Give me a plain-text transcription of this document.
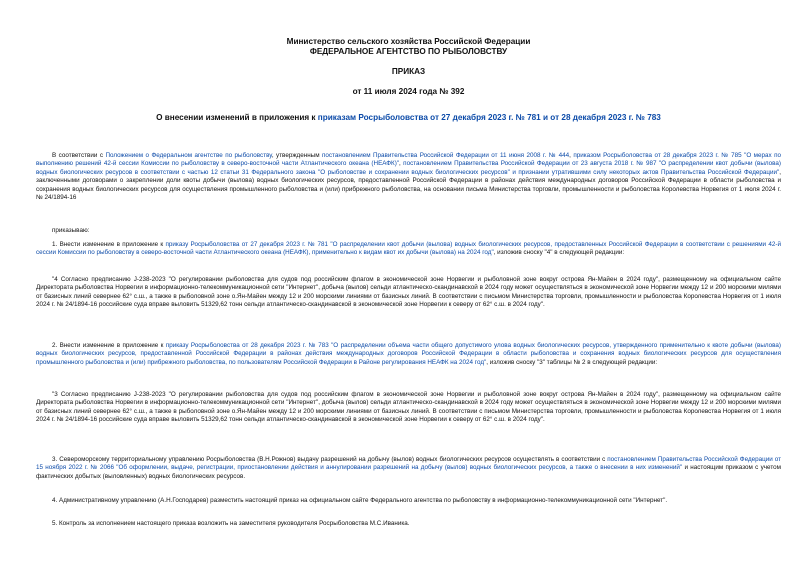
Министерство сельского хозяйства Российской Федерации
ФЕДЕРАЛЬНОЕ АГЕНТСТВО ПО РЫБОЛОВСТВУ
ПРИКАЗ
от 11 июля 2024 года № 392
О внесении изменений в приложения к приказам Росрыболовства от 27 декабря 2023 г. № 781 и от 28 декабря 2023 г. № 783

В соответствии с Положением о Федеральном агентстве по рыболовству, утвержденным постановлением Правительства Российской Федерации от 11 июня 2008 г. № 444, приказом Росрыболовства от 28 декабря 2023 г. № 785 "О мерах по выполнению решений 42-й сессии Комиссии по рыболовству в северо-восточной части Атлантического океана (НЕАФК)", постановлением Правительства Российской Федерации от 23 августа 2018 г. № 987 "О распределении квот добычи (вылова) водных биологических ресурсов в соответствии с частью 12 статьи 31 Федерального закона "О рыболовстве и сохранении водных биологических ресурсов" и признании утратившими силу некоторых актов Правительства Российской Федерации", заключенными договорами о закреплении доли квоты добычи (вылова) водных биологических ресурсов, предоставленной Российской Федерации в районах действия международных договоров Российской Федерации в области рыболовства и сохранения водных биологических ресурсов для осуществления промышленного рыболовства и (или) прибрежного рыболовства, на основании письма Министерства торговли, промышленности и рыболовства Королевства Норвегия от 1 июля 2024 г. № 24/1894-16

приказываю:

1. Внести изменение в приложение к приказу Росрыболовства от 27 декабря 2023 г. № 781 "О распределении квот добычи (вылова) водных биологических ресурсов, предоставленных Российской Федерации в соответствии с решениями 42-й сессии Комиссии по рыболовству в северо-восточной части Атлантического океана (НЕАФК), применительно к видам квот их добычи (вылова) на 2024 год", изложив сноску "4" в следующей редакции:

"4 Согласно предписанию J-238-2023 "О регулировании рыболовства для судов под российским флагом в экономической зоне Норвегии и рыболовной зоне вокруг острова Ян-Майен в 2024 году", размещенному на официальном сайте Директората рыболовства Норвегии в информационно-телекоммуникационной сети "Интернет", добыча (вылов) сельди атлантическо-скандинавской в 2024 году может осуществляться в экономической зоне Норвегии между 12 и 200 морскими милями от базисных линий севернее 62° с.ш., а также в рыболовной зоне о.Ян-Майен между 12 и 200 морскими линиями от базисных линий. В соответствии с письмом Министерства торговли, промышленности и рыболовства Королевства Норвегия от 1 июля 2024 г. № 24/1894-16 российские суда вправе выловить 51329,62 тонн сельди атлантическо-скандинавской в экономической зоне Норвегии к северу от 62° с.ш. в 2024 году".

2. Внести изменение в приложение к приказу Росрыболовства от 28 декабря 2023 г. № 783 "О распределении объема части общего допустимого улова водных биологических ресурсов, утвержденного применительно к квоте добычи (вылова) водных биологических ресурсов, предоставленной Российской Федерации в районах действия международных договоров Российской Федерации в области рыболовства и сохранения водных биологических ресурсов для осуществления промышленного рыболовства и (или) прибрежного рыболовства, по пользователям Российской Федерации в Районе регулирования НЕАФК на 2024 год", изложив сноску "3" таблицы № 2 в следующей редакции:

"3 Согласно предписанию J-238-2023 "О регулировании рыболовства для судов под российским флагом в экономической зоне Норвегии и рыболовной зоне вокруг острова Ян-Майен в 2024 году", размещенному на официальном сайте Директората рыболовства Норвегии в информационно-телекоммуникационной сети "Интернет", добыча (вылов) сельди атлантическо-скандинавской в 2024 году может осуществляться в экономической зоне Норвегии между 12 и 200 морскими милями от базисных линий севернее 62° с.ш., а также в рыболовной зоне о.Ян-Майен между 12 и 200 морскими линиями от базисных линий. В соответствии с письмом Министерства торговли, промышленности и рыболовства Королевства Норвегия от 1 июля 2024 г. № 24/1894-16 российские суда вправе выловить 51329,62 тонн сельди атлантическо-скандинавской в экономической зоне Норвегии к северу от 62° с.ш. в 2024 году".

3. Североморскому территориальному управлению Росрыболовства (В.Н.Рожнов) выдачу разрешений на добычу (вылов) водных биологических ресурсов осуществлять в соответствии с постановлением Правительства Российской Федерации от 15 ноября 2022 г. № 2066 "Об оформлении, выдаче, регистрации, приостановлении действия и аннулировании разрешений на добычу (вылов) водных биологических ресурсов, а также о внесении в них изменений" и настоящим приказом с учетом фактических добытых (выловленных) водных биологических ресурсов.

4. Административному управлению (А.Н.Господарев) разместить настоящий приказ на официальном сайте Федерального агентства по рыболовству в информационно-телекоммуникационной сети "Интернет".

5. Контроль за исполнением настоящего приказа возложить на заместителя руководителя Росрыболовства М.С.Иваника.
